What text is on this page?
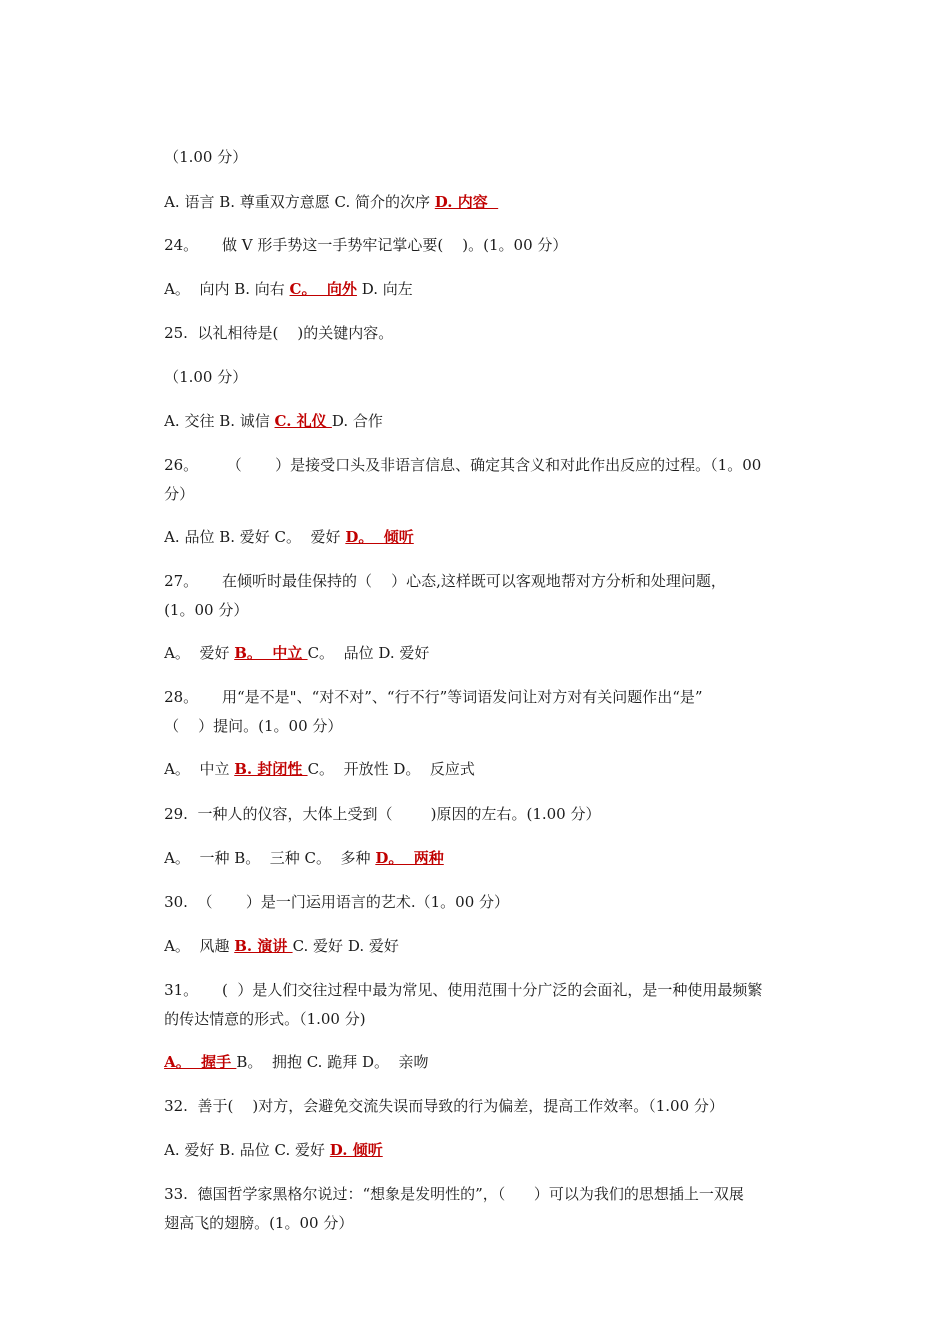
（1.00 分）

A. 语言 B. 尊重双方意愿 C. 简介的次序 D. 内容

24。     做 V 形手势这一手势牢记掌心要(    )。(1。00 分）

A。  向内 B. 向右 C。  向外 D. 向左

25.  以礼相待是(    )的关键内容。

（1.00 分）

A. 交往 B. 诚信 C. 礼仪 D. 合作

26。      （       ）是接受口头及非语言信息、确定其含义和对此作出反应的过程。（1。00

分）

A. 品位 B. 爱好 C。  爱好 D。  倾听

27。     在倾听时最佳保持的（    ）心态,这样既可以客观地帮对方分析和处理问题，

(1。00 分）

A。  爱好 B。  中立 C。  品位 D. 爱好

28。     用“是不是"、“对不对”、“行不行”等词语发问让对方对有关问题作出“是”

（    ）提问。(1。00 分）

A。  中立 B. 封闭性 C。  开放性 D。  反应式

29.  一种人的仪容，大体上受到（        )原因的左右。(1.00 分）

A。  一种 B。  三种 C。  多种 D。  两种

30.  （       ）是一门运用语言的艺术.（1。00 分）

A。  风趣 B. 演讲 C. 爱好 D. 爱好

31。     (  ）是人们交往过程中最为常见、使用范围十分广泛的会面礼，是一种使用最频繁

的传达情意的形式。（1.00 分)

A。  握手 B。  拥抱 C. 跪拜 D。  亲吻

32.  善于(    )对方，会避免交流失误而导致的行为偏差，提高工作效率。（1.00 分）

A. 爱好 B. 品位 C. 爱好 D. 倾听

33.  德国哲学家黑格尔说过：“想象是发明性的”，（      ）可以为我们的思想插上一双展

翅高飞的翅膀。(1。00 分）
